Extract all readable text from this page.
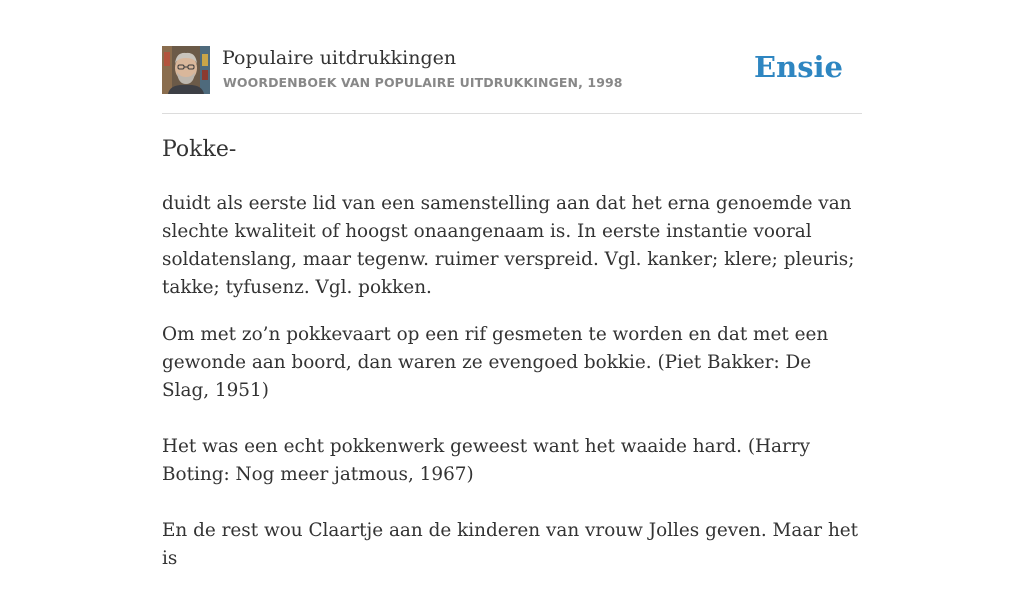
Populaire uitdrukkingen
WOORDENBOEK VAN POPULAIRE UITDRUKKINGEN, 1998	Ensie
Pokke-

duidt als eerste lid van een samenstelling aan dat het erna genoemde van slechte kwaliteit of hoogst onaangenaam is. In eerste instantie vooral soldatenslang, maar tegenw. ruimer verspreid. Vgl. kanker; klere; pleuris; takke; tyfusenz. Vgl. pokken.

Om met zo’n pokkevaart op een rif gesmeten te worden en dat met een gewonde aan boord, dan waren ze evengoed bokkie. (Piet Bakker: De Slag, 1951)

Het was een echt pokkenwerk geweest want het waaide hard. (Harry Boting: Nog meer jatmous, 1967)

En de rest wou Claartje aan de kinderen van vrouw Jolles geven. Maar het is
